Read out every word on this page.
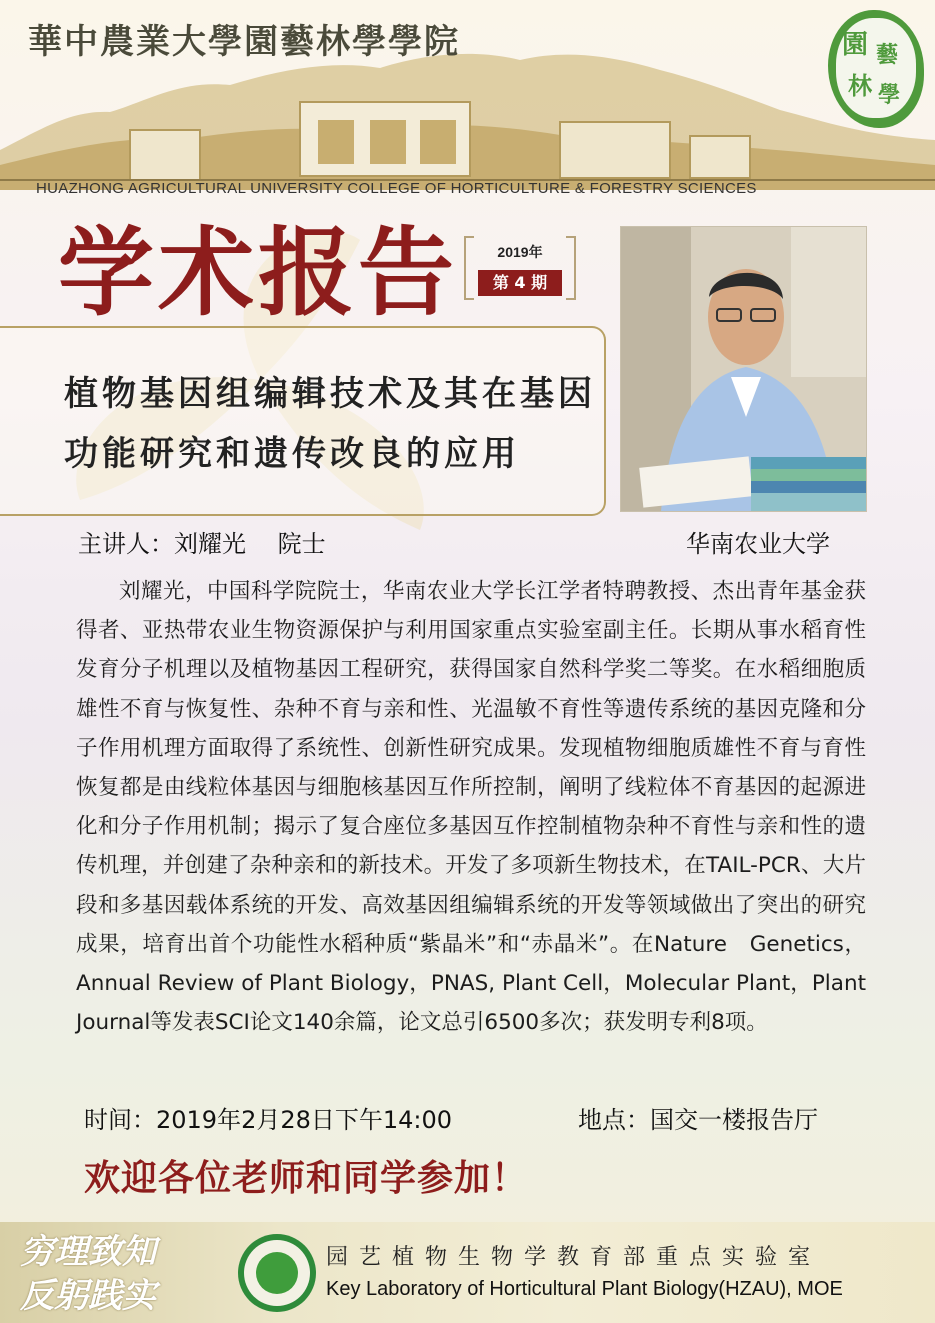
華中農業大學園藝林學學院
HUAZHONG AGRICULTURAL UNIVERSITY COLLEGE OF HORTICULTURE & FORESTRY SCIENCES
園 藝
林 學
学术报告	2019年
第 4 期
植物基因组编辑技术及其在基因
功能研究和遗传改良的应用
主讲人：刘耀光　 院士	华南农业大学

刘耀光，中国科学院院士，华南农业大学长江学者特聘教授、杰出青年基金获得者、亚热带农业生物资源保护与利用国家重点实验室副主任。长期从事水稻育性发育分子机理以及植物基因工程研究，获得国家自然科学奖二等奖。在水稻细胞质雄性不育与恢复性、杂种不育与亲和性、光温敏不育性等遗传系统的基因克隆和分子作用机理方面取得了系统性、创新性研究成果。发现植物细胞质雄性不育与育性恢复都是由线粒体基因与细胞核基因互作所控制，阐明了线粒体不育基因的起源进化和分子作用机制；揭示了复合座位多基因互作控制植物杂种不育性与亲和性的遗传机理，并创建了杂种亲和的新技术。开发了多项新生物技术，在TAIL-PCR、大片段和多基因载体系统的开发、高效基因组编辑系统的开发等领域做出了突出的研究成果，培育出首个功能性水稻种质“紫晶米”和“赤晶米”。在Nature　Genetics，Annual Review of Plant Biology，PNAS, Plant Cell，Molecular Plant，Plant Journal等发表SCI论文140余篇，论文总引6500多次；获发明专利8项。

时间：2019年2月28日下午14:00	地点：国交一楼报告厅
欢迎各位老师和同学参加！
穷理致知
反躬践实
园艺植物生物学教育部重点实验室
Key Laboratory of Horticultural Plant Biology(HZAU), MOE
